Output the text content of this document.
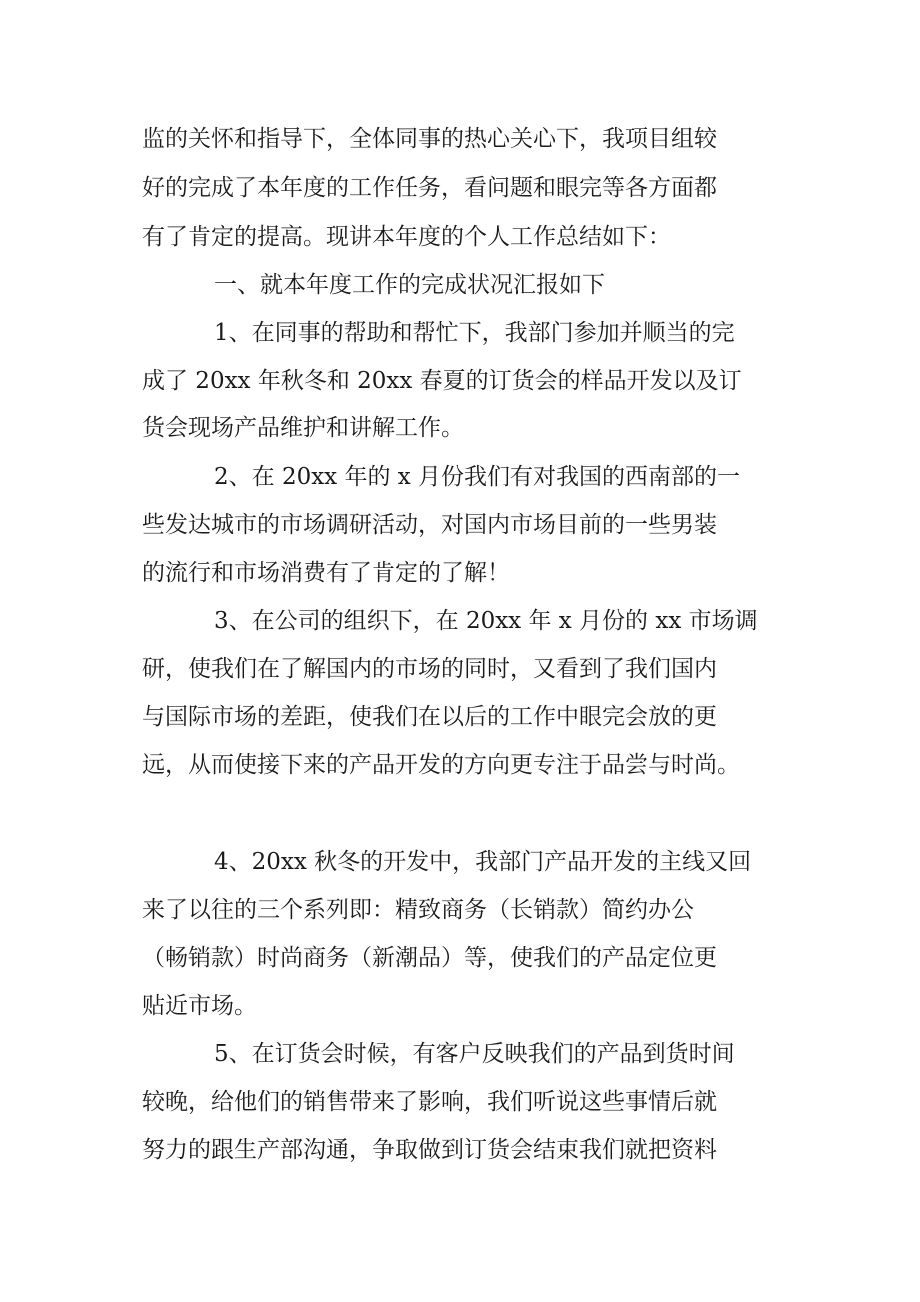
监的关怀和指导下，全体同事的热心关心下，我项目组较
好的完成了本年度的工作任务，看问题和眼完等各方面都
有了肯定的提高。现讲本年度的个人工作总结如下：
一、就本年度工作的完成状况汇报如下
1、在同事的帮助和帮忙下，我部门参加并顺当的完
成了 20xx 年秋冬和 20xx 春夏的订货会的样品开发以及订
货会现场产品维护和讲解工作。
2、在 20xx 年的 x 月份我们有对我国的西南部的一
些发达城市的市场调研活动，对国内市场目前的一些男装
的流行和市场消费有了肯定的了解！
3、在公司的组织下，在 20xx 年 x 月份的 xx 市场调
研，使我们在了解国内的市场的同时，又看到了我们国内
与国际市场的差距，使我们在以后的工作中眼完会放的更
远，从而使接下来的产品开发的方向更专注于品尝与时尚。
4、20xx 秋冬的开发中，我部门产品开发的主线又回
来了以往的三个系列即：精致商务（长销款）简约办公
（畅销款）时尚商务（新潮品）等，使我们的产品定位更
贴近市场。
5、在订货会时候，有客户反映我们的产品到货时间
较晚，给他们的销售带来了影响，我们听说这些事情后就
努力的跟生产部沟通，争取做到订货会结束我们就把资料
